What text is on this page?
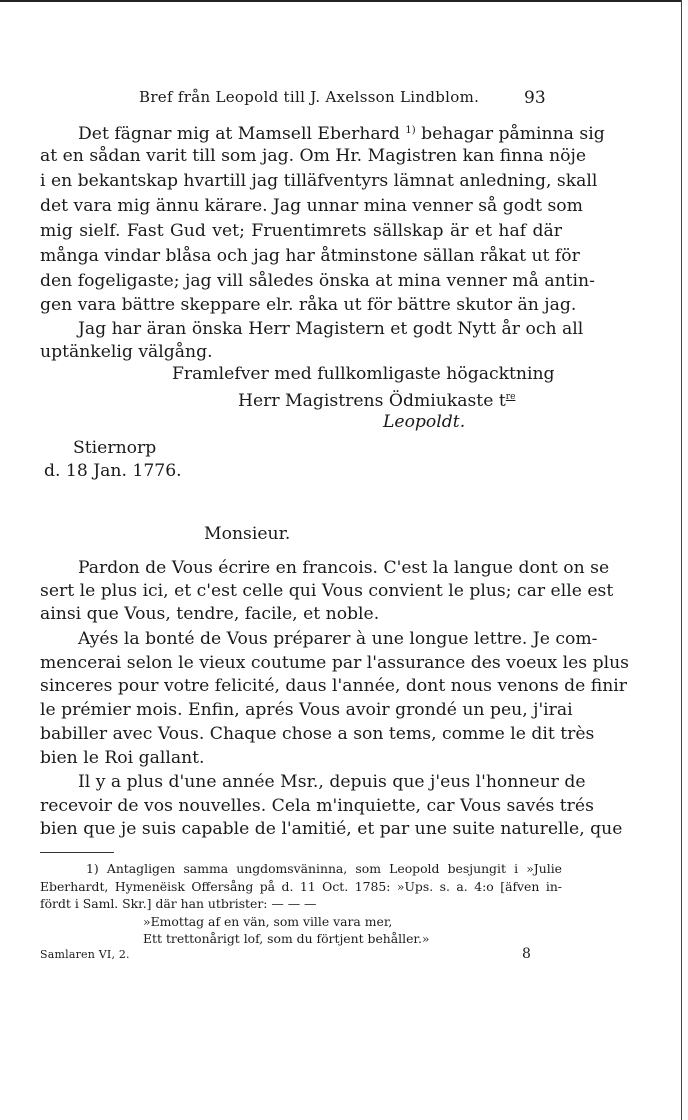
Bref från Leopold till J. Axelsson Lindblom.	93
Det fägnar mig at Mamsell Eberhard $^{1)}$ behagar påminna sig
at en sådan varit till som jag. Om Hr. Magistren kan finna nöje
i en bekantskap hvartill jag tilläfventyrs lämnat anledning, skall
det vara mig ännu kärare. Jag unnar mina venner så godt som
mig sielf. Fast Gud vet; Fruentimrets sällskap är et haf där
många vindar blåsa och jag har åtminstone sällan råkat ut för
den fogeligaste; jag vill således önska at mina venner må antin-
gen vara bättre skeppare elr. råka ut för bättre skutor än jag.
Jag har äran önska Herr Magistern et godt Nytt år och all
uptänkelig välgång.
Framlefver med fullkomligaste högacktning
Herr Magistrens Ödmiukaste $t^{re}$
Leopoldt.
Stiernorp
d. 18 Jan. 1776.
Monsieur.
Pardon de Vous écrire en francois. C'est la langue dont on se
sert le plus ici, et c'est celle qui Vous convient le plus; car elle est
ainsi que Vous, tendre, facile, et noble.
Ayés la bonté de Vous préparer à une longue lettre. Je com-
mencerai selon le vieux coutume par l'assurance des voeux les plus
sinceres pour votre felicité, daus l'année, dont nous venons de finir
le prémier mois. Enfin, aprés Vous avoir grondé un peu, j'irai
babiller avec Vous. Chaque chose a son tems, comme le dit très
bien le Roi gallant.
Il y a plus d'une année Msr., depuis que j'eus l'honneur de
recevoir de vos nouvelles. Cela m'inquiette, car Vous savés trés
bien que je suis capable de l'amitié, et par une suite naturelle, que
1) Antagligen samma ungdomsväninna, som Leopold besjungit i »Julie
Eberhardt, Hymenëisk Offersång på d. 11 Oct. 1785: »Ups. s. a. 4:o [äfven in-
fördt i Saml. Skr.] där han utbrister: — — —
»Emottag af en vän, som ville vara mer,
Ett trettonårigt lof, som du förtjent behåller.»
Samlaren VI, 2.	8
